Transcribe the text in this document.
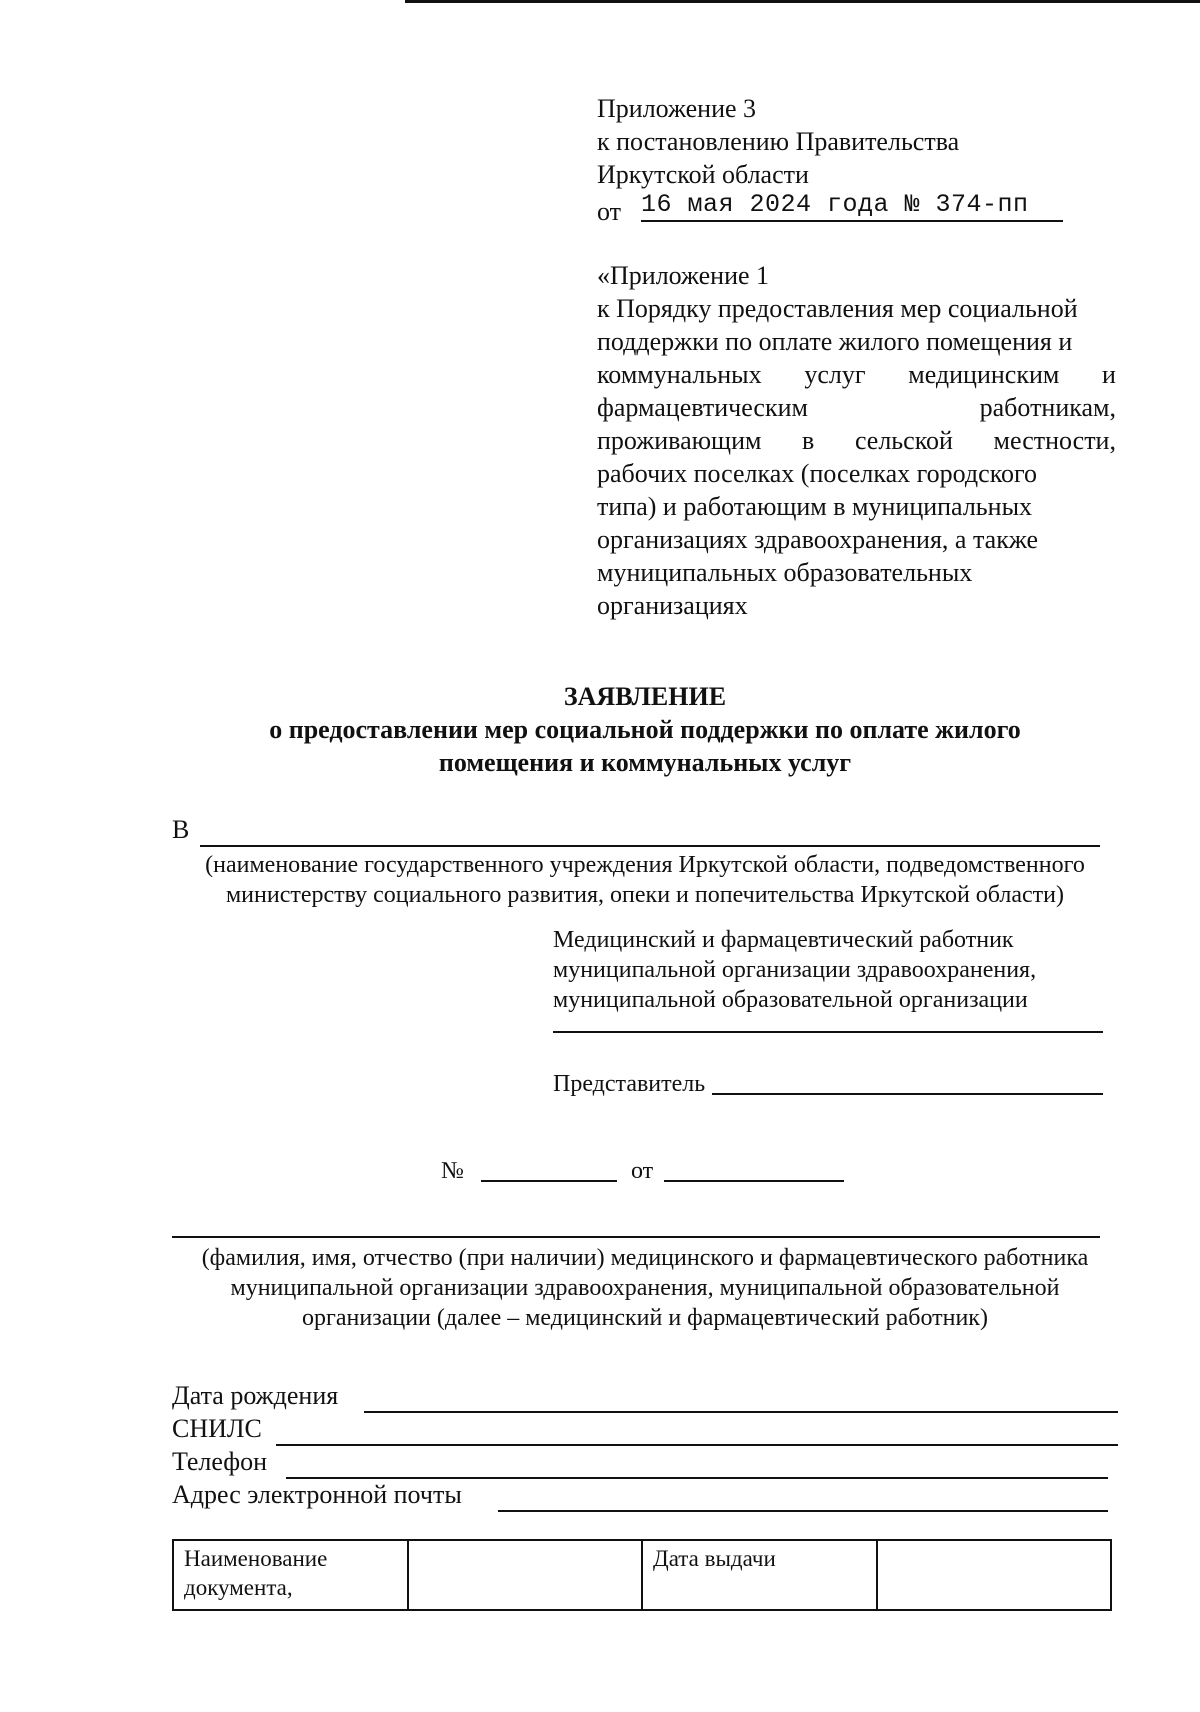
Приложение 3
к постановлению Правительства
Иркутской области
от 16 мая 2024 года № 374-пп
«Приложение 1
к Порядку предоставления мер социальной
поддержки по оплате жилого помещения и
коммунальных услуг медицинским и
фармацевтическим	работникам,
проживающим в сельской местности,
рабочих поселках (поселках городского
типа) и работающим в муниципальных
организациях здравоохранения, а также
муниципальных образовательных
организациях
ЗАЯВЛЕНИЕ
о предоставлении мер социальной поддержки по оплате жилого
помещения и коммунальных услуг
В
(наименование государственного учреждения Иркутской области, подведомственного
министерству социального развития, опеки и попечительства Иркутской области)
Медицинский и фармацевтический работник
муниципальной организации здравоохранения,
муниципальной образовательной организации
Представитель
№	от
(фамилия, имя, отчество (при наличии) медицинского и фармацевтического работника
муниципальной организации здравоохранения, муниципальной образовательной
организации (далее – медицинский и фармацевтический работник)
Дата рождения
СНИЛС
Телефон
Адрес электронной почты
Наименование документа,		Дата выдачи	
